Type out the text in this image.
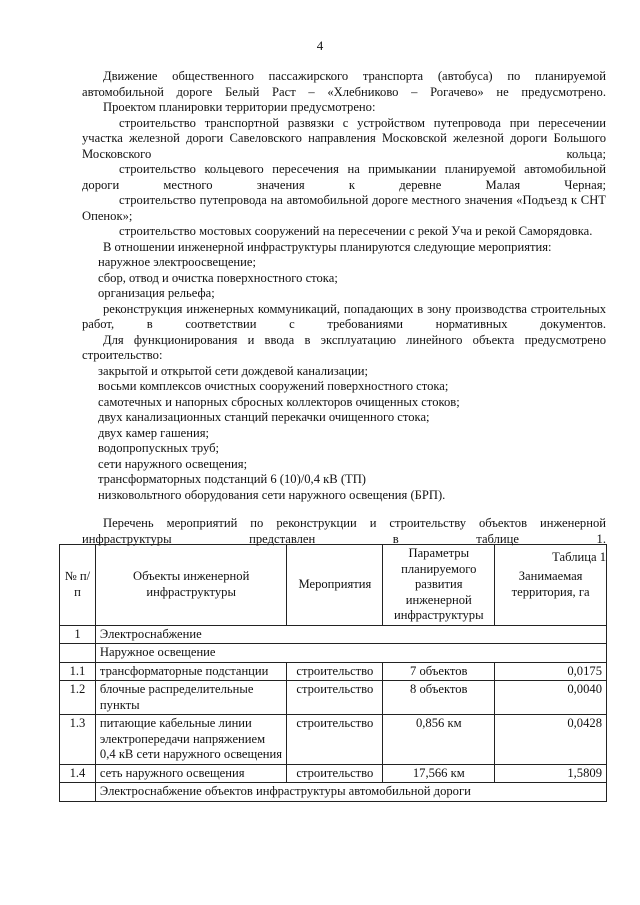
4

Движение общественного пассажирского транспорта (автобуса) по планируемой автомобильной дороге Белый Раст – «Хлебниково – Рогачево» не предусмотрено.

Проектом планировки территории предусмотрено:

строительство транспортной развязки с устройством путепровода при пересечении участка железной дороги Савеловского направления Московской железной дороги Большого Московского кольца;

строительство кольцевого пересечения на примыкании планируемой автомобильной дороги местного значения к деревне Малая Черная;

строительство путепровода на автомобильной дороге местного значения «Подъезд к СНТ Опенок»;

строительство мостовых сооружений на пересечении с рекой Уча и рекой Саморядовка.

В отношении инженерной инфраструктуры планируются следующие мероприятия:

наружное электроосвещение;

сбор, отвод и очистка поверхностного стока;

организация рельефа;

реконструкция инженерных коммуникаций, попадающих в зону производства строительных работ, в соответствии с требованиями нормативных документов.

Для функционирования и ввода в эксплуатацию линейного объекта предусмотрено строительство:

закрытой и открытой сети дождевой канализации;

восьми комплексов очистных сооружений поверхностного стока;

самотечных и напорных сбросных коллекторов очищенных стоков;

двух канализационных станций перекачки очищенного стока;

двух камер гашения;

водопропускных труб;

сети наружного освещения;

трансформаторных подстанций 6 (10)/0,4 кВ (ТП)

низковольтного оборудования сети наружного освещения (БРП).

Перечень мероприятий по реконструкции и строительству объектов инженерной инфраструктуры представлен в таблице 1.

Таблица 1

№ п/п	Объекты инженерной инфраструктуры	Мероприятия	Параметры планируемого развития инженерной инфраструктуры	Занимаемая территория, га
1	Электроснабжение			
	Наружное освещение			
1.1	трансформаторные подстанции	строительство	7 объектов	0,0175
1.2	блочные распределительные пункты	строительство	8 объектов	0,0040
1.3	питающие кабельные линии электропередачи напряжением 0,4 кВ сети наружного освещения	строительство	0,856 км	0,0428
1.4	сеть наружного освещения	строительство	17,566 км	1,5809
	Электроснабжение объектов инфраструктуры автомобильной дороги			
